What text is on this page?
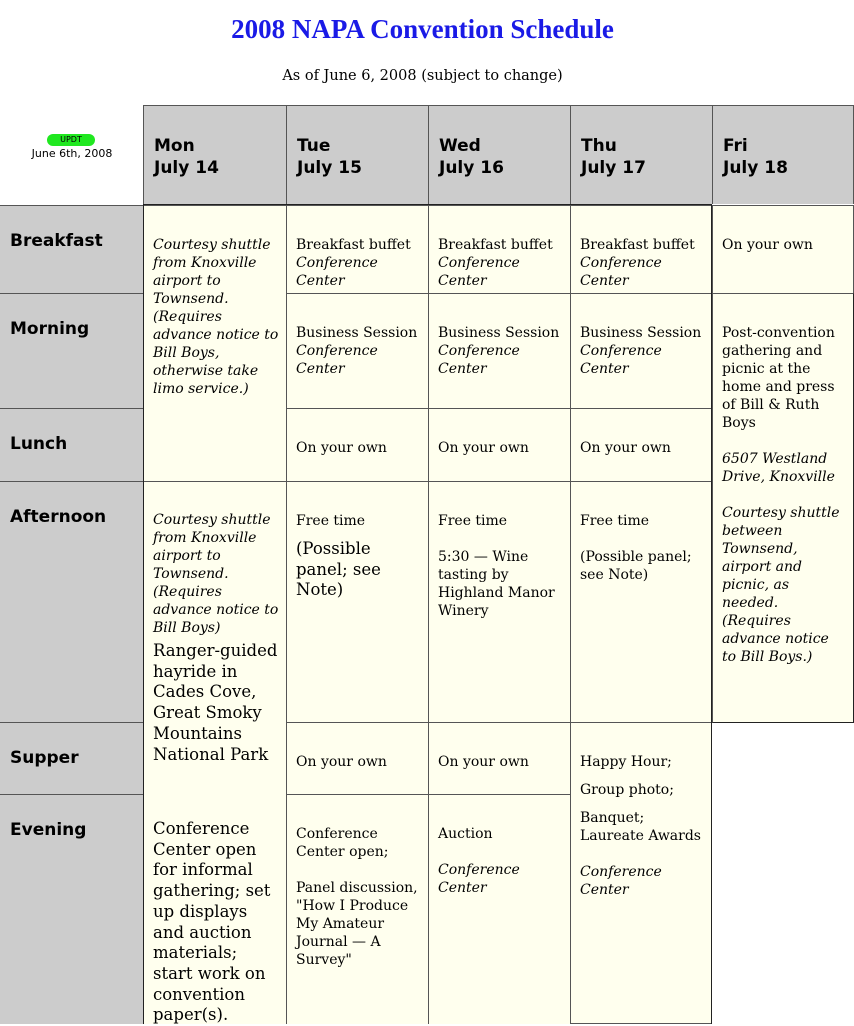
2008 NAPA Convention Schedule
As of June 6, 2008 (subject to change)
UPDT
June 6th, 2008	Mon
July 14
Tue
July 15
Wed
July 16
Thu
July 17
Fri
July 18
Breakfast
Morning
Lunch
Afternoon
Supper
Evening
Courtesy shuttle from Knoxville airport to Townsend. (Requires advance notice to Bill Boys, otherwise take limo service.)
Courtesy shuttle from Knoxville airport to Townsend. (Requires advance notice to Bill Boys)
Ranger-guided hayride in Cades Cove, Great Smoky Mountains National Park
Conference Center open for informal gathering; set up displays and auction materials; start work on convention paper(s).
Breakfast buffet
Conference Center
Business Session
Conference Center
On your own
Free time
(Possible panel; see Note)
On your own
Conference Center open;
Panel discussion, "How I Produce My Amateur Journal — A Survey"
Breakfast buffet
Conference Center
Business Session
Conference Center
On your own
Free time
5:30 — Wine tasting by Highland Manor Winery
On your own
Auction
Conference Center
Breakfast buffet
Conference Center
Business Session
Conference Center
On your own
Free time
(Possible panel; see Note)
Happy Hour;
Group photo;
Banquet; Laureate Awards
Conference Center
On your own
Post-convention gathering and picnic at the home and press of Bill & Ruth Boys
6507 Westland Drive, Knoxville
Courtesy shuttle between Townsend, airport and picnic, as needed. (Requires advance notice to Bill Boys.)
